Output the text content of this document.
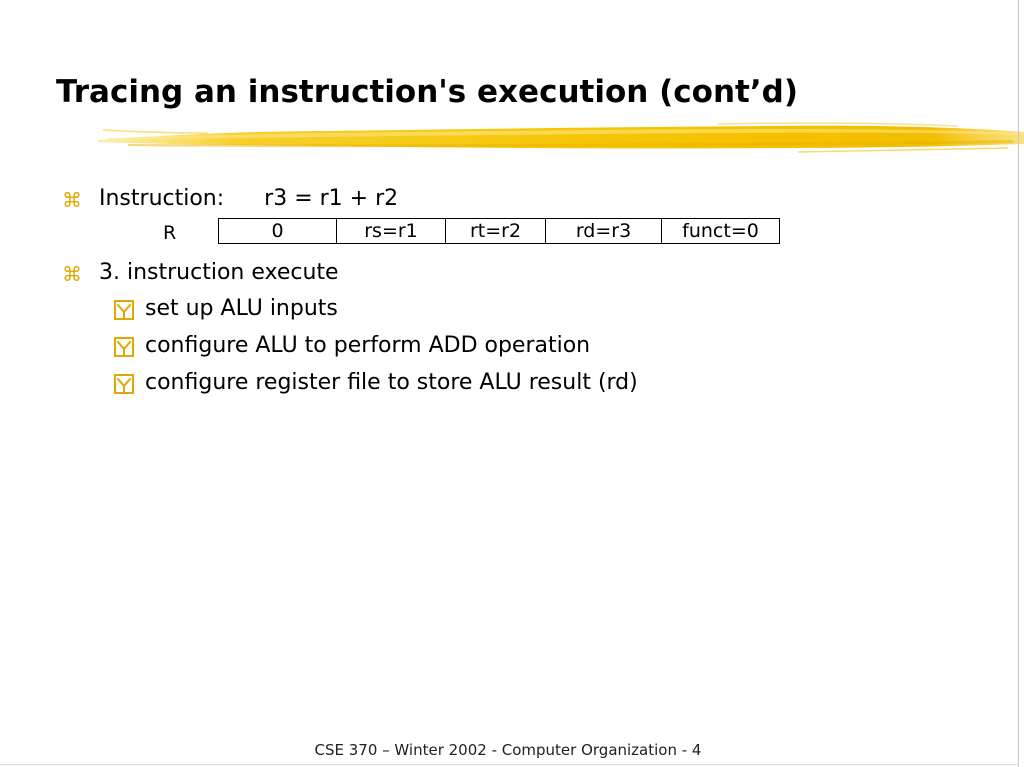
Tracing an instruction's execution (cont’d)
⌘ Instruction: r3 = r1 + r2
R	0	rs=r1	rt=r2	rd=r3	funct=0
⌘ 3. instruction execute
set up ALU inputs
configure ALU to perform ADD operation
configure register file to store ALU result (rd)
CSE 370 – Winter 2002 - Computer Organization - 4
